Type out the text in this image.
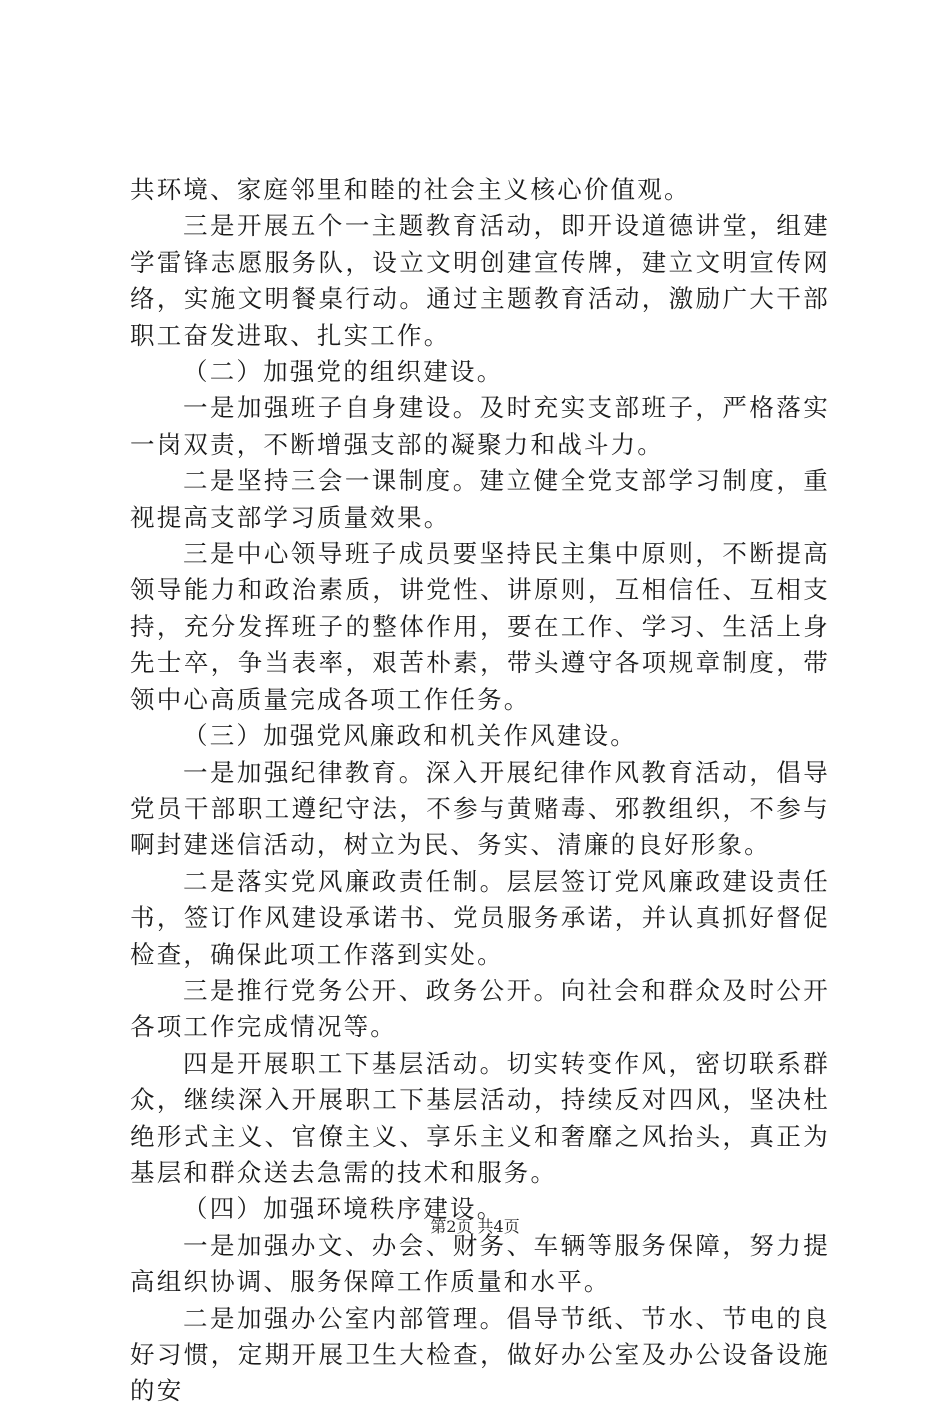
共环境、家庭邻里和睦的社会主义核心价值观。

三是开展五个一主题教育活动，即开设道德讲堂，组建学雷锋志愿服务队，设立文明创建宣传牌，建立文明宣传网络，实施文明餐桌行动。通过主题教育活动，激励广大干部职工奋发进取、扎实工作。

（二）加强党的组织建设。

一是加强班子自身建设。及时充实支部班子，严格落实一岗双责，不断增强支部的凝聚力和战斗力。

二是坚持三会一课制度。建立健全党支部学习制度，重视提高支部学习质量效果。

三是中心领导班子成员要坚持民主集中原则，不断提高领导能力和政治素质，讲党性、讲原则，互相信任、互相支持，充分发挥班子的整体作用，要在工作、学习、生活上身先士卒，争当表率，艰苦朴素，带头遵守各项规章制度，带领中心高质量完成各项工作任务。

（三）加强党风廉政和机关作风建设。

一是加强纪律教育。深入开展纪律作风教育活动，倡导党员干部职工遵纪守法，不参与黄赌毒、邪教组织，不参与啊封建迷信活动，树立为民、务实、清廉的良好形象。

二是落实党风廉政责任制。层层签订党风廉政建设责任书，签订作风建设承诺书、党员服务承诺，并认真抓好督促检查，确保此项工作落到实处。

三是推行党务公开、政务公开。向社会和群众及时公开各项工作完成情况等。

四是开展职工下基层活动。切实转变作风，密切联系群众，继续深入开展职工下基层活动，持续反对四风，坚决杜绝形式主义、官僚主义、享乐主义和奢靡之风抬头，真正为基层和群众送去急需的技术和服务。

（四）加强环境秩序建设。

一是加强办文、办会、财务、车辆等服务保障，努力提高组织协调、服务保障工作质量和水平。

二是加强办公室内部管理。倡导节纸、节水、节电的良好习惯，定期开展卫生大检查，做好办公室及办公设备设施的安

第2页 共4页
